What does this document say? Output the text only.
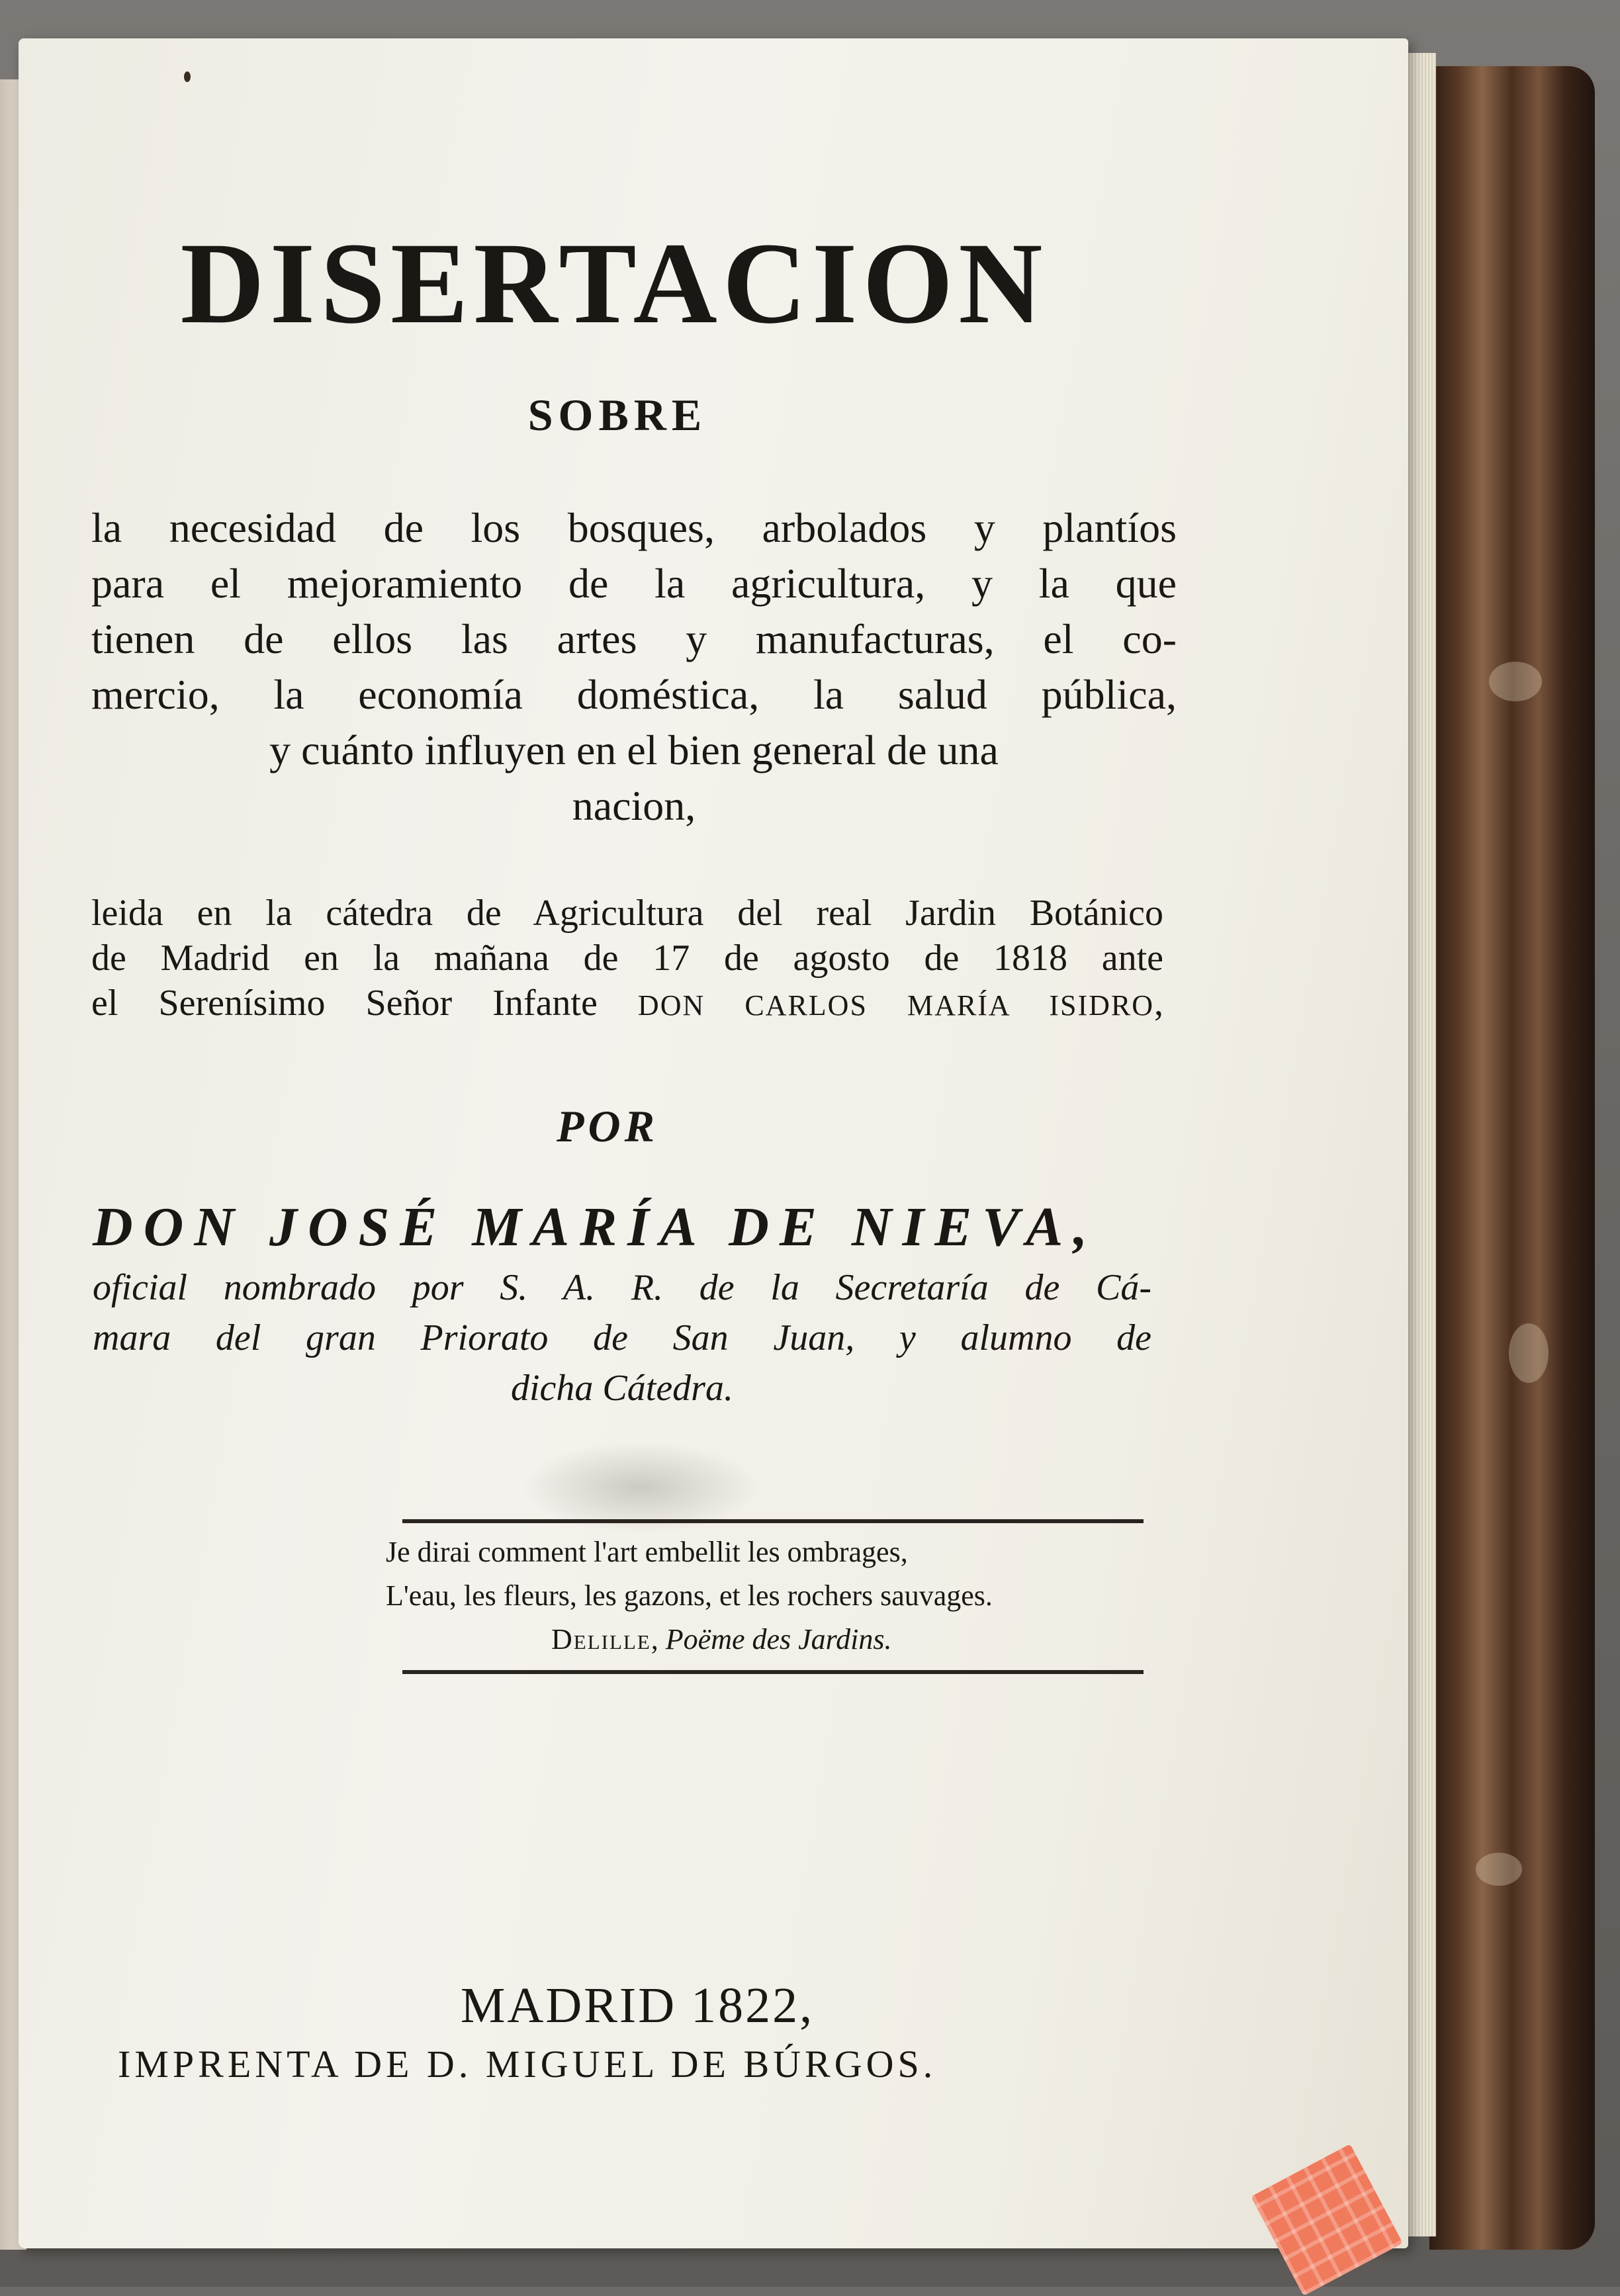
DISERTACION
SOBRE
la necesidad de los bosques, arbolados y plantíos
para el mejoramiento de la agricultura, y la que
tienen de ellos las artes y manufacturas, el co-
mercio, la economía doméstica, la salud pública,
y cuánto influyen en el bien general de una
nacion,
leida en la cátedra de Agricultura del real Jardin Botánico
de Madrid en la mañana de 17 de agosto de 1818 ante
el Serenísimo Señor Infante DON CARLOS MARÍA ISIDRO,
POR
DON JOSÉ MARÍA DE NIEVA,
oficial nombrado por S. A. R. de la Secretaría de Cá-
mara del gran Priorato de San Juan, y alumno de
dicha Cátedra.
Je dirai comment l'art embellit les ombrages,
L'eau, les fleurs, les gazons, et les rochers sauvages.
Delille, Poëme des Jardins.
MADRID 1822,
IMPRENTA DE D. MIGUEL DE BÚRGOS.
